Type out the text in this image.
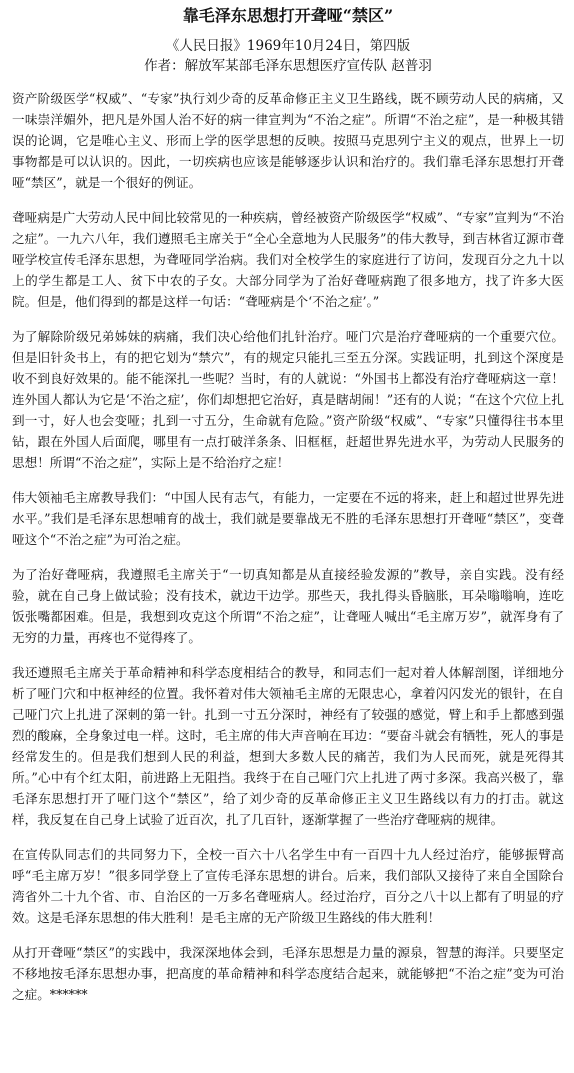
靠毛泽东思想打开聋哑“禁区”

《人民日报》1969年10月24日，第四版

作者：解放军某部毛泽东思想医疗宣传队 赵普羽

资产阶级医学“权威”、“专家”执行刘少奇的反革命修正主义卫生路线，既不顾劳动人民的病痛，又一味崇洋媚外，把凡是外国人治不好的病一律宣判为“不治之症”。所谓“不治之症”，是一种极其错误的论调，它是唯心主义、形而上学的医学思想的反映。按照马克思列宁主义的观点，世界上一切事物都是可以认识的。因此，一切疾病也应该是能够逐步认识和治疗的。我们靠毛泽东思想打开聋哑“禁区”，就是一个很好的例证。

聋哑病是广大劳动人民中间比较常见的一种疾病，曾经被资产阶级医学“权威”、“专家”宣判为“不治之症”。一九六八年，我们遵照毛主席关于“全心全意地为人民服务”的伟大教导，到吉林省辽源市聋哑学校宣传毛泽东思想，为聋哑同学治病。我们对全校学生的家庭进行了访问，发现百分之九十以上的学生都是工人、贫下中农的子女。大部分同学为了治好聋哑病跑了很多地方，找了许多大医院。但是，他们得到的都是这样一句话：“聋哑病是个‘不治之症’。”

为了解除阶级兄弟姊妹的病痛，我们决心给他们扎针治疗。哑门穴是治疗聋哑病的一个重要穴位。但是旧针灸书上，有的把它划为“禁穴”，有的规定只能扎三至五分深。实践证明，扎到这个深度是收不到良好效果的。能不能深扎一些呢？当时，有的人就说：“外国书上都没有治疗聋哑病这一章！连外国人都认为它是‘不治之症’，你们却想把它治好，真是瞎胡闹！”还有的人说；“在这个穴位上扎到一寸，好人也会变哑；扎到一寸五分，生命就有危险。”资产阶级“权威”、“专家”只懂得往书本里钻，跟在外国人后面爬，哪里有一点打破洋条条、旧框框，赶超世界先进水平，为劳动人民服务的思想！所谓“不治之症”，实际上是不给治疗之症！

伟大领袖毛主席教导我们：“中国人民有志气，有能力，一定要在不远的将来，赶上和超过世界先进水平。”我们是毛泽东思想哺育的战士，我们就是要靠战无不胜的毛泽东思想打开聋哑“禁区”，变聋哑这个“不治之症”为可治之症。

为了治好聋哑病，我遵照毛主席关于“一切真知都是从直接经验发源的”教导，亲自实践。没有经验，就在自己身上做试验；没有技术，就边干边学。那些天，我扎得头昏脑胀，耳朵嗡嗡响，连吃饭张嘴都困难。但是，我想到攻克这个所谓“不治之症”，让聋哑人喊出“毛主席万岁”，就浑身有了无穷的力量，再疼也不觉得疼了。

我还遵照毛主席关于革命精神和科学态度相结合的教导，和同志们一起对着人体解剖图，详细地分析了哑门穴和中枢神经的位置。我怀着对伟大领袖毛主席的无限忠心，拿着闪闪发光的银针，在自己哑门穴上扎进了深刺的第一针。扎到一寸五分深时，神经有了较强的感觉，臂上和手上都感到强烈的酸麻，全身象过电一样。这时，毛主席的伟大声音响在耳边：“要奋斗就会有牺牲，死人的事是经常发生的。但是我们想到人民的利益，想到大多数人民的痛苦，我们为人民而死，就是死得其所。”心中有个红太阳，前进路上无阻挡。我终于在自己哑门穴上扎进了两寸多深。我高兴极了，靠毛泽东思想打开了哑门这个“禁区”，给了刘少奇的反革命修正主义卫生路线以有力的打击。就这样，我反复在自己身上试验了近百次，扎了几百针，逐渐掌握了一些治疗聋哑病的规律。

在宣传队同志们的共同努力下，全校一百六十八名学生中有一百四十九人经过治疗，能够振臂高呼“毛主席万岁！”很多同学登上了宣传毛泽东思想的讲台。后来，我们部队又接待了来自全国除台湾省外二十九个省、市、自治区的一万多名聋哑病人。经过治疗，百分之八十以上都有了明显的疗效。这是毛泽东思想的伟大胜利！是毛主席的无产阶级卫生路线的伟大胜利！

从打开聋哑“禁区”的实践中，我深深地体会到，毛泽东思想是力量的源泉，智慧的海洋。只要坚定不移地按毛泽东思想办事，把高度的革命精神和科学态度结合起来，就能够把“不治之症”变为可治之症。******
